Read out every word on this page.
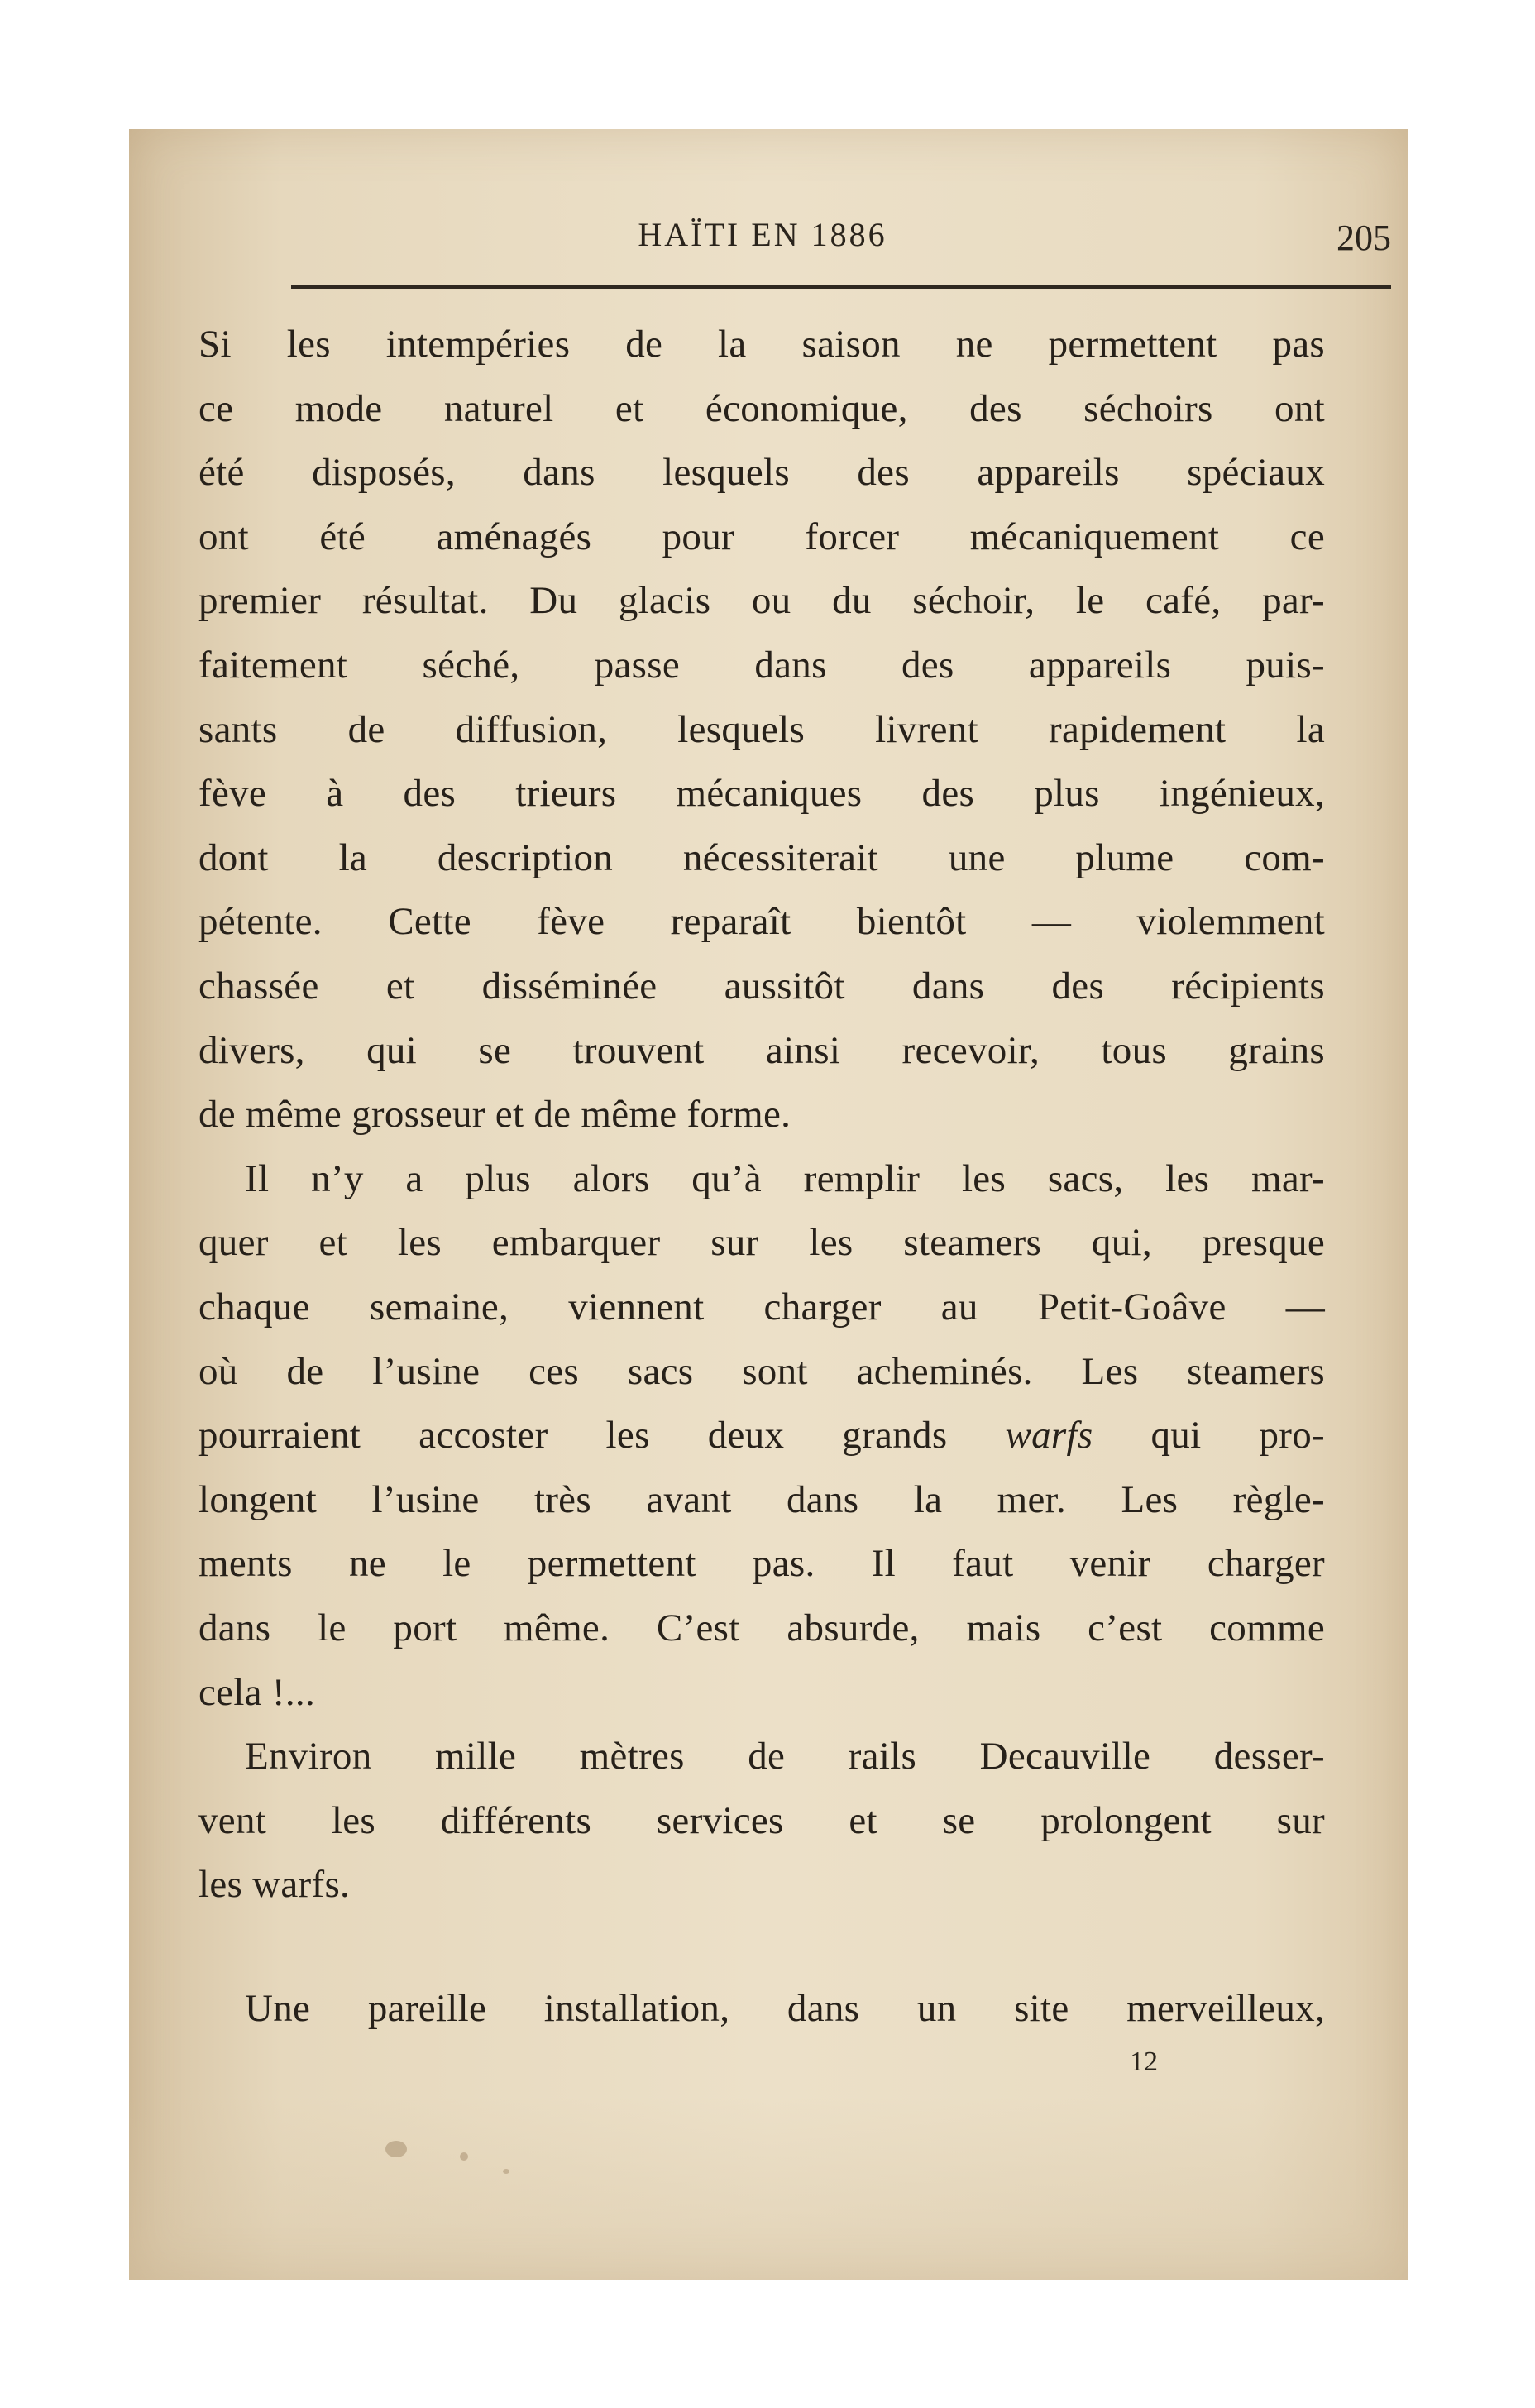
HAÏTI EN 1886	205
Si les intempéries de la saison ne permettent pas
ce mode naturel et économique, des séchoirs ont
été disposés, dans lesquels des appareils spéciaux
ont été aménagés pour forcer mécaniquement ce
premier résultat. Du glacis ou du séchoir, le café, par-
faitement séché, passe dans des appareils puis-
sants de diffusion, lesquels livrent rapidement la
fève à des trieurs mécaniques des plus ingénieux,
dont la description nécessiterait une plume com-
pétente. Cette fève reparaît bientôt — violemment
chassée et disséminée aussitôt dans des récipients
divers, qui se trouvent ainsi recevoir, tous grains
de même grosseur et de même forme.
Il n’y a plus alors qu’à remplir les sacs, les mar-
quer et les embarquer sur les steamers qui, presque
chaque semaine, viennent charger au Petit-Goâve —
où de l’usine ces sacs sont acheminés. Les steamers
pourraient accoster les deux grands warfs qui pro-
longent l’usine très avant dans la mer. Les règle-
ments ne le permettent pas. Il faut venir charger
dans le port même. C’est absurde, mais c’est comme
cela !...
Environ mille mètres de rails Decauville desser-
vent les différents services et se prolongent sur
les warfs.
Une pareille installation, dans un site merveilleux,
12
